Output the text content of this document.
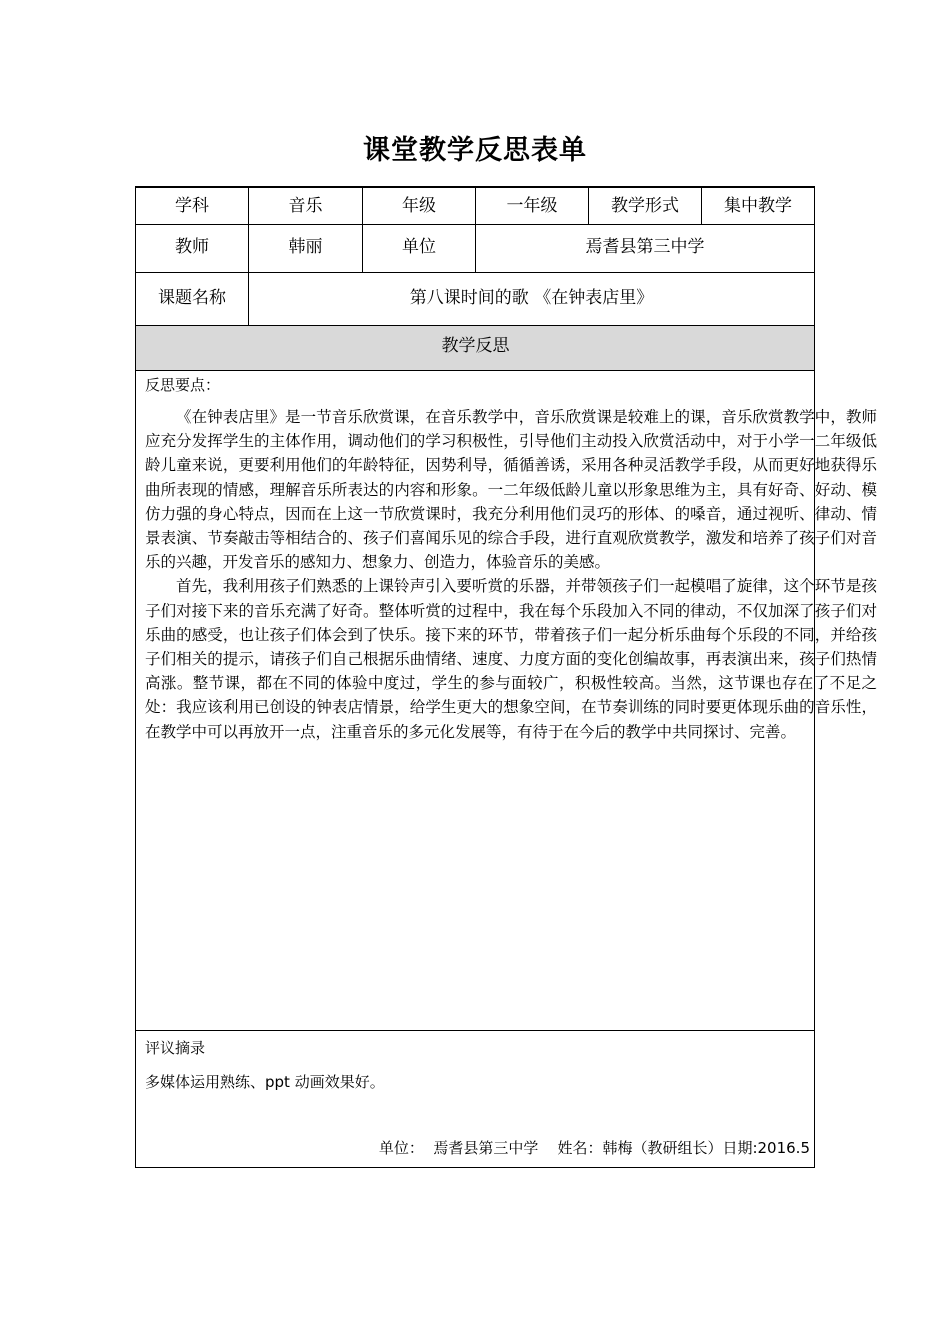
课堂教学反思表单
学科	音乐	年级	一年级	教学形式	集中教学
教师	韩丽	单位	焉耆县第三中学
课题名称	第八课时间的歌 《在钟表店里》
教学反思
反思要点：

《在钟表店里》是一节音乐欣赏课，在音乐教学中，音乐欣赏课是较难上的课，音乐欣赏教学中，教师应充分发挥学生的主体作用，调动他们的学习积极性，引导他们主动投入欣赏活动中，对于小学一二年级低龄儿童来说，更要利用他们的年龄特征，因势利导，循循善诱，采用各种灵活教学手段，从而更好地获得乐曲所表现的情感，理解音乐所表达的内容和形象。一二年级低龄儿童以形象思维为主，具有好奇、好动、模仿力强的身心特点，因而在上这一节欣赏课时，我充分利用他们灵巧的形体、的嗓音，通过视听、律动、情景表演、节奏敲击等相结合的、孩子们喜闻乐见的综合手段，进行直观欣赏教学，激发和培养了孩子们对音乐的兴趣，开发音乐的感知力、想象力、创造力，体验音乐的美感。

首先，我利用孩子们熟悉的上课铃声引入要听赏的乐器，并带领孩子们一起模唱了旋律，这个环节是孩子们对接下来的音乐充满了好奇。整体听赏的过程中，我在每个乐段加入不同的律动，不仅加深了孩子们对乐曲的感受，也让孩子们体会到了快乐。接下来的环节，带着孩子们一起分析乐曲每个乐段的不同，并给孩子们相关的提示，请孩子们自己根据乐曲情绪、速度、力度方面的变化创编故事，再表演出来，孩子们热情高涨。整节课，都在不同的体验中度过，学生的参与面较广，积极性较高。当然，这节课也存在了不足之处：我应该利用已创设的钟表店情景，给学生更大的想象空间，在节奏训练的同时要更体现乐曲的音乐性，在教学中可以再放开一点，注重音乐的多元化发展等，有待于在今后的教学中共同探讨、完善。

评议摘录
多媒体运用熟练、ppt 动画效果好。
单位：  焉耆县第三中学    姓名：韩梅（教研组长）日期:2016.5
